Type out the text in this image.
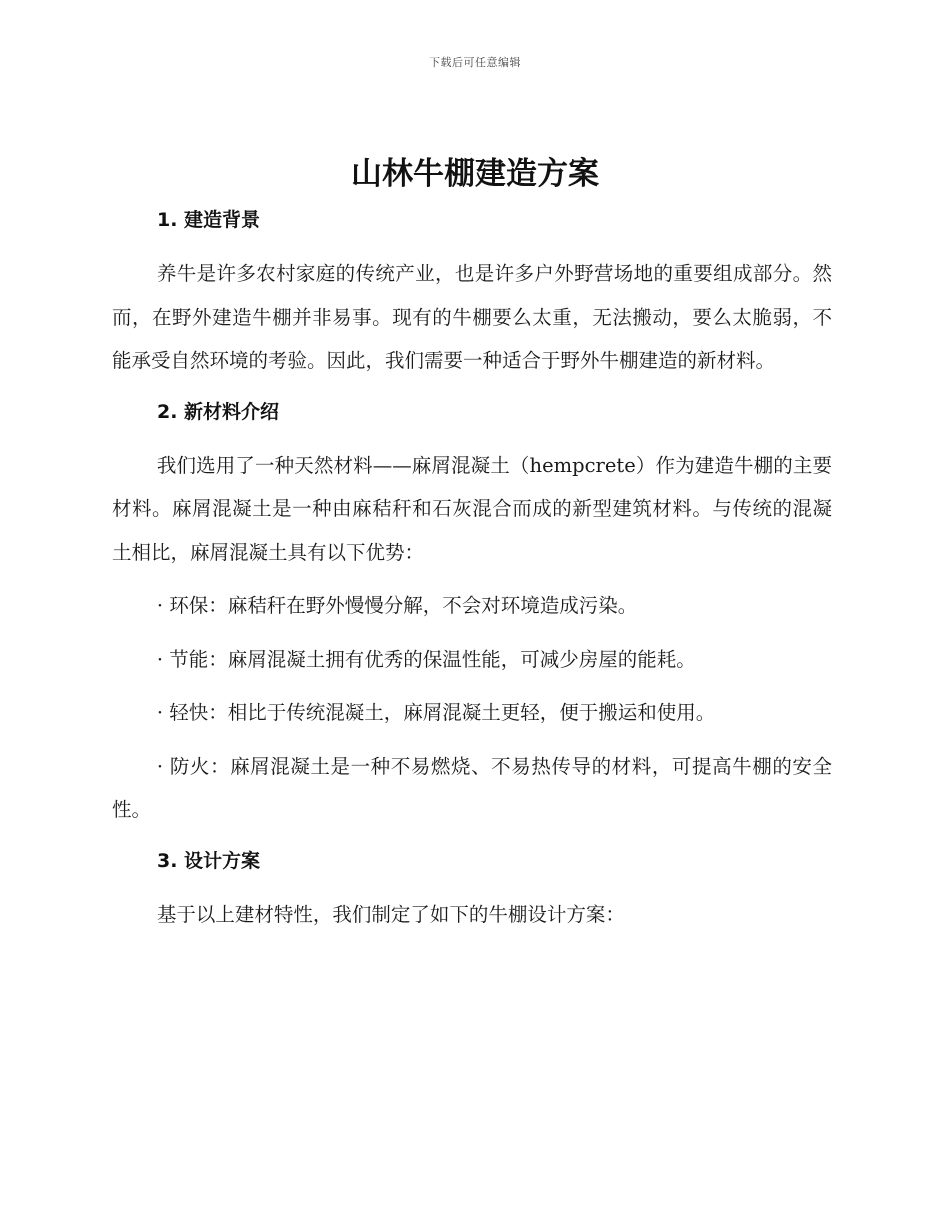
下载后可任意编辑
山林牛棚建造方案
1. 建造背景

养牛是许多农村家庭的传统产业，也是许多户外野营场地的重要组成部分。然而，在野外建造牛棚并非易事。现有的牛棚要么太重，无法搬动，要么太脆弱，不能承受自然环境的考验。因此，我们需要一种适合于野外牛棚建造的新材料。

2. 新材料介绍

我们选用了一种天然材料——麻屑混凝土（hempcrete）作为建造牛棚的主要材料。麻屑混凝土是一种由麻秸秆和石灰混合而成的新型建筑材料。与传统的混凝土相比，麻屑混凝土具有以下优势：

· 环保：麻秸秆在野外慢慢分解，不会对环境造成污染。

· 节能：麻屑混凝土拥有优秀的保温性能，可减少房屋的能耗。

· 轻快：相比于传统混凝土，麻屑混凝土更轻，便于搬运和使用。

· 防火：麻屑混凝土是一种不易燃烧、不易热传导的材料，可提高牛棚的安全性。

3. 设计方案

基于以上建材特性，我们制定了如下的牛棚设计方案：
